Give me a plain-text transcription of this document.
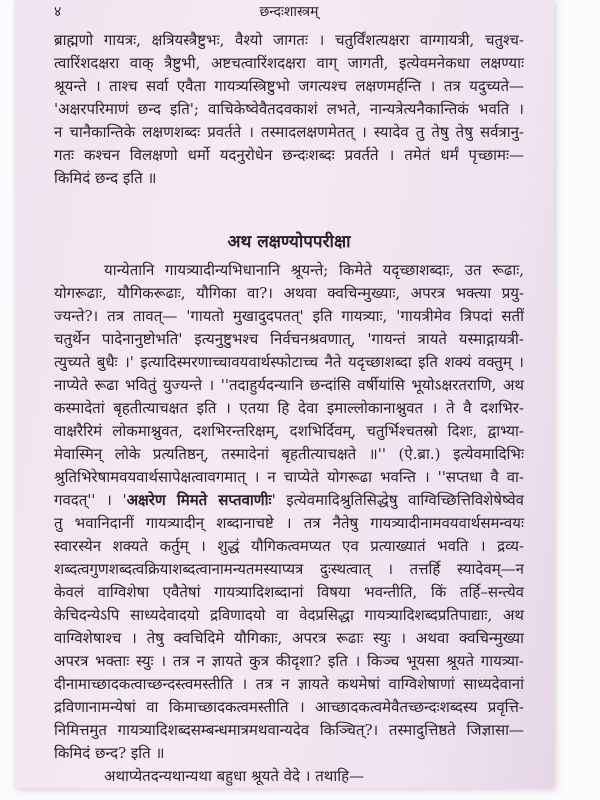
४	छन्दःशास्त्रम्
ब्राह्मणो गायत्रः, क्षत्रियस्त्रैष्टुभः, वैश्यो जागतः । चतुर्विंशत्यक्षरा वाग्गायत्री, चतुश्च-
त्वारिंशदक्षरा वाक् त्रैष्टुभी, अष्टचत्वारिंशदक्षरा वाग् जागती, इत्येवमनेकधा लक्षण्याः
श्रूयन्ते । ताश्च सर्वा एवैता गायत्र्यस्त्रिष्टुभो जगत्यश्च लक्षणमर्हन्ति । तत्र यदुच्यते—
'अक्षरपरिमाणं छन्द इति'; वाचिकेष्वेवैतदवकाशं लभते, नान्यत्रेत्यनैकान्तिकं भवति ।
न चानैकान्तिके लक्षणशब्दः प्रवर्तते । तस्मादलक्षणमेतत् । स्यादेव तु तेषु तेषु सर्वत्रानु-
गतः कश्चन विलक्षणो धर्मो यदनुरोधेन छन्दःशब्दः प्रवर्तते । तमेतं धर्मं पृच्छामः—
किमिदं छन्द इति ॥
अथ लक्षण्योपपरीक्षा
यान्येतानि गायत्र्यादीन्यभिधानानि श्रूयन्ते; किमेते यदृच्छाशब्दाः, उत रूढाः,
योगरूढाः, यौगिकरूढाः, यौगिका वा?। अथवा क्वचिन्मुख्याः, अपरत्र भक्त्या प्रयु-
ज्यन्ते?। तत्र तावत्— 'गायतो मुखादुदपतत्' इति गायत्र्याः, 'गायत्रीमेव त्रिपदां सतीं
चतुर्थेन पादेनानुष्टोभति' इत्यनुष्टुभश्च निर्वचनश्रवणात्, 'गायन्तं त्रायते यस्माद्गायत्री-
त्युच्यते बुधैः ।' इत्यादिस्मरणाच्चावयवार्थस्फोटाच्च नैते यदृच्छाशब्दा इति शक्यं वक्तुम् ।
नाप्येते रूढा भवितुं युज्यन्ते । ''तदाहुर्यदन्यानि छन्दांसि वर्षीयांसि भूयोऽक्षरतराणि, अथ
कस्मादेतां बृहतीत्याचक्षत इति । एतया हि देवा इमाल्लोकानाश्नुवत । ते वै दशभिर-
वाक्षरैरिमं लोकमाश्नुवत, दशभिरन्तरिक्षम्, दशभिर्दिवम्, चतुर्भिश्चतस्रो दिशः, द्वाभ्या-
मेवास्मिन् लोके प्रत्यतिष्ठन्, तस्मादेनां बृहतीत्याचक्षते ॥'' (ऐ.ब्रा.) इत्येवमादिभिः
श्रुतिभिरेषामवयवार्थसापेक्षत्वावगमात् । न चाप्येते योगरूढा भवन्ति । ''सप्तधा वै वा-
गवदत्'' । 'अक्षरेण मिमते सप्तवाणीः' इत्येवमादिश्रुतिसिद्धेषु वाग्विच्छित्तिविशेषेष्वेव
तु भवानिदानीं गायत्र्यादीन् शब्दानाचष्टे । तत्र नैतेषु गायत्र्यादीनामवयवार्थसमन्वयः
स्वारस्येन शक्यते कर्तुम् । शुद्धं यौगिकत्वमप्यत एव प्रत्याख्यातं भवति । द्रव्य-
शब्दत्वगुणशब्दत्वक्रियाशब्दत्वानामन्यतमस्याप्यत्र दुःस्थत्वात् । तत्तर्हि स्यादेवम्—न
केवलं वाग्विशेषा एवैतेषां गायत्र्यादिशब्दानां विषया भवन्तीति, किं तर्हि–सन्त्येव
केचिदन्येऽपि साध्यदेवादयो द्रविणादयो वा वेदप्रसिद्धा गायत्र्यादिशब्दप्रतिपाद्याः, अथ
वाग्विशेषाश्च । तेषु क्वचिदिमे यौगिकाः, अपरत्र रूढाः स्युः । अथवा क्वचिन्मुख्या
अपरत्र भक्ताः स्युः । तत्र न ज्ञायते कुत्र कीदृशा? इति । किञ्च भूयसा श्रूयते गायत्र्या-
दीनामाच्छादकत्वाच्छन्दस्त्वमस्तीति । तत्र न ज्ञायते कथमेषां वाग्विशेषाणां साध्यदेवानां
द्रविणानामन्येषां वा किमाच्छादकत्वमस्तीति । आच्छादकत्वमेवैतच्छन्दःशब्दस्य प्रवृत्ति-
निमित्तमुत गायत्र्यादिशब्दसम्बन्धमात्रमथवान्यदेव किञ्चित्?। तस्मादुत्तिष्ठते जिज्ञासा—
किमिदं छन्द? इति ॥
अथाप्येतदन्यथान्यथा बहुधा श्रूयते वेदे । तथाहि—
